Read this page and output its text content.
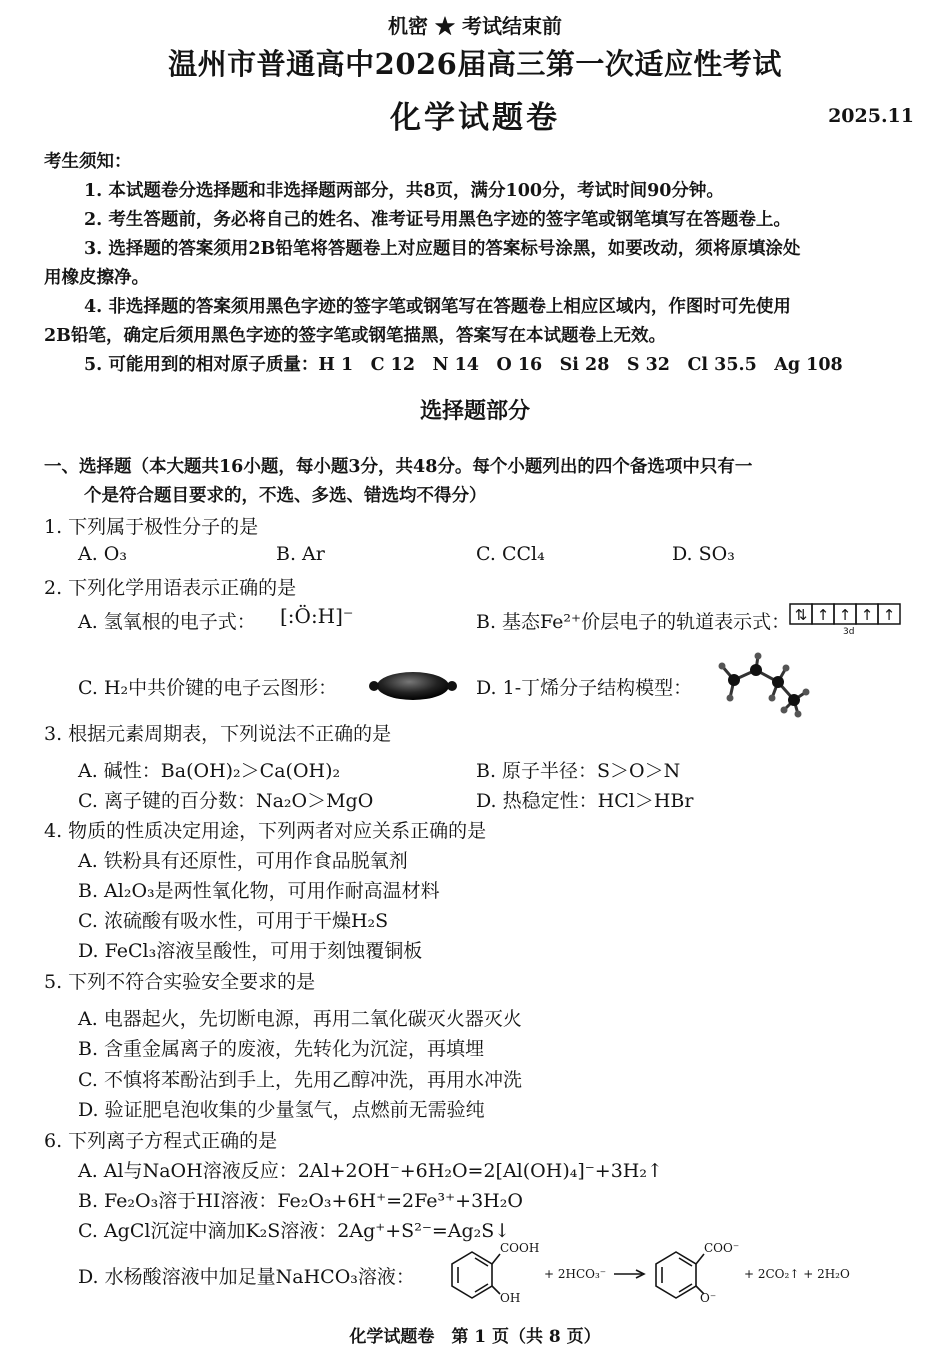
机密 ★ 考试结束前
温州市普通高中2026届高三第一次适应性考试
化学试题卷	2025.11
考生须知：
1. 本试题卷分选择题和非选择题两部分，共8页，满分100分，考试时间90分钟。
2. 考生答题前，务必将自己的姓名、准考证号用黑色字迹的签字笔或钢笔填写在答题卷上。
3. 选择题的答案须用2B铅笔将答题卷上对应题目的答案标号涂黑，如要改动，须将原填涂处
用橡皮擦净。
4. 非选择题的答案须用黑色字迹的签字笔或钢笔写在答题卷上相应区域内，作图时可先使用
2B铅笔，确定后须用黑色字迹的签字笔或钢笔描黑，答案写在本试题卷上无效。
5. 可能用到的相对原子质量：H 1　C 12　N 14　O 16　Si 28　S 32　Cl 35.5　Ag 108
选择题部分
一、选择题（本大题共16小题，每小题3分，共48分。每个小题列出的四个备选项中只有一
个是符合题目要求的，不选、多选、错选均不得分）
1. 下列属于极性分子的是
A. O₃	B. Ar	C. CCl₄	D. SO₃
2. 下列化学用语表示正确的是
A. 氢氧根的电子式： [:Ö:H]⁻	B. 基态Fe²⁺价层电子的轨道表示式： ⇅ ↑ ↑ ↑ ↑
3d
C. H₂中共价键的电子云图形：	D. 1-丁烯分子结构模型：
3. 根据元素周期表，下列说法不正确的是
A. 碱性：Ba(OH)₂＞Ca(OH)₂	B. 原子半径：S＞O＞N
C. 离子键的百分数：Na₂O＞MgO	D. 热稳定性：HCl＞HBr
4. 物质的性质决定用途，下列两者对应关系正确的是
A. 铁粉具有还原性，可用作食品脱氧剂
B. Al₂O₃是两性氧化物，可用作耐高温材料
C. 浓硫酸有吸水性，可用于干燥H₂S
D. FeCl₃溶液呈酸性，可用于刻蚀覆铜板
5. 下列不符合实验安全要求的是
A. 电器起火，先切断电源，再用二氧化碳灭火器灭火
B. 含重金属离子的废液，先转化为沉淀，再填埋
C. 不慎将苯酚沾到手上，先用乙醇冲洗，再用水冲洗
D. 验证肥皂泡收集的少量氢气，点燃前无需验纯
6. 下列离子方程式正确的是
A. Al与NaOH溶液反应：2Al+2OH⁻+6H₂O=2[Al(OH)₄]⁻+3H₂↑
B. Fe₂O₃溶于HI溶液：Fe₂O₃+6H⁺=2Fe³⁺+3H₂O
C. AgCl沉淀中滴加K₂S溶液：2Ag⁺+S²⁻=Ag₂S↓
D. 水杨酸溶液中加足量NaHCO₃溶液：
COOH
OH
+ 2HCO₃⁻
COO⁻
O⁻
+ 2CO₂↑ + 2H₂O
化学试题卷　第 1 页（共 8 页）
